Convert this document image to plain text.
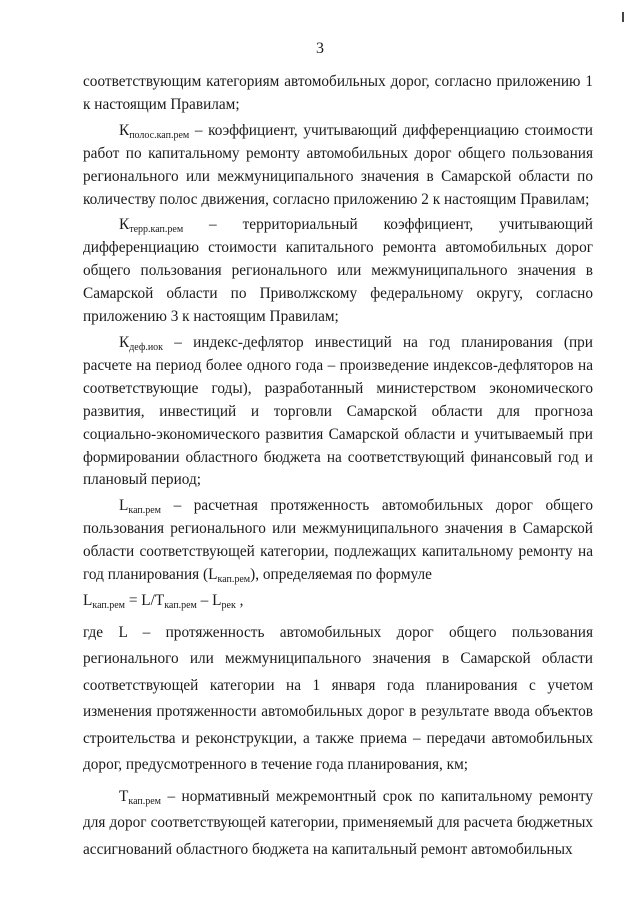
3

соответствующим категориям автомобильных дорог, согласно приложению 1 к настоящим Правилам;

$К_{полос.кап.рем}$ – коэффициент, учитывающий дифференциацию стоимости работ по капитальному ремонту автомобильных дорог общего пользования регионального или межмуниципального значения в Самарской области по количеству полос движения, согласно приложению 2 к настоящим Правилам;

$К_{терр.кап.рем}$ – территориальный коэффициент, учитывающий дифференциацию стоимости капитального ремонта автомобильных дорог общего пользования регионального или межмуниципального значения в Самарской области по Приволжскому федеральному округу, согласно приложению 3 к настоящим Правилам;

$К_{деф.иок}$ – индекс-дефлятор инвестиций на год планирования (при расчете на период более одного года – произведение индексов-дефляторов на соответствующие годы), разработанный министерством экономического развития, инвестиций и торговли Самарской области для прогноза социально-экономического развития Самарской области и учитываемый при формировании областного бюджета на соответствующий финансовый год и плановый период;

$L_{кап.рем}$ – расчетная протяженность автомобильных дорог общего пользования регионального или межмуниципального значения в Самарской области соответствующей категории, подлежащих капитальному ремонту на год планирования $(L_{кап.рем})$, определяемая по формуле

$L_{кап.рем} = L/T_{кап.рем} - L_{рек}$ ,

где L – протяженность автомобильных дорог общего пользования регионального или межмуниципального значения в Самарской области соответствующей категории на 1 января года планирования с учетом изменения протяженности автомобильных дорог в результате ввода объектов строительства и реконструкции, а также приема – передачи автомобильных дорог, предусмотренного в течение года планирования, км;

$Т_{кап.рем}$ – нормативный межремонтный срок по капитальному ремонту для дорог соответствующей категории, применяемый для расчета бюджетных ассигнований областного бюджета на капитальный ремонт автомобильных
